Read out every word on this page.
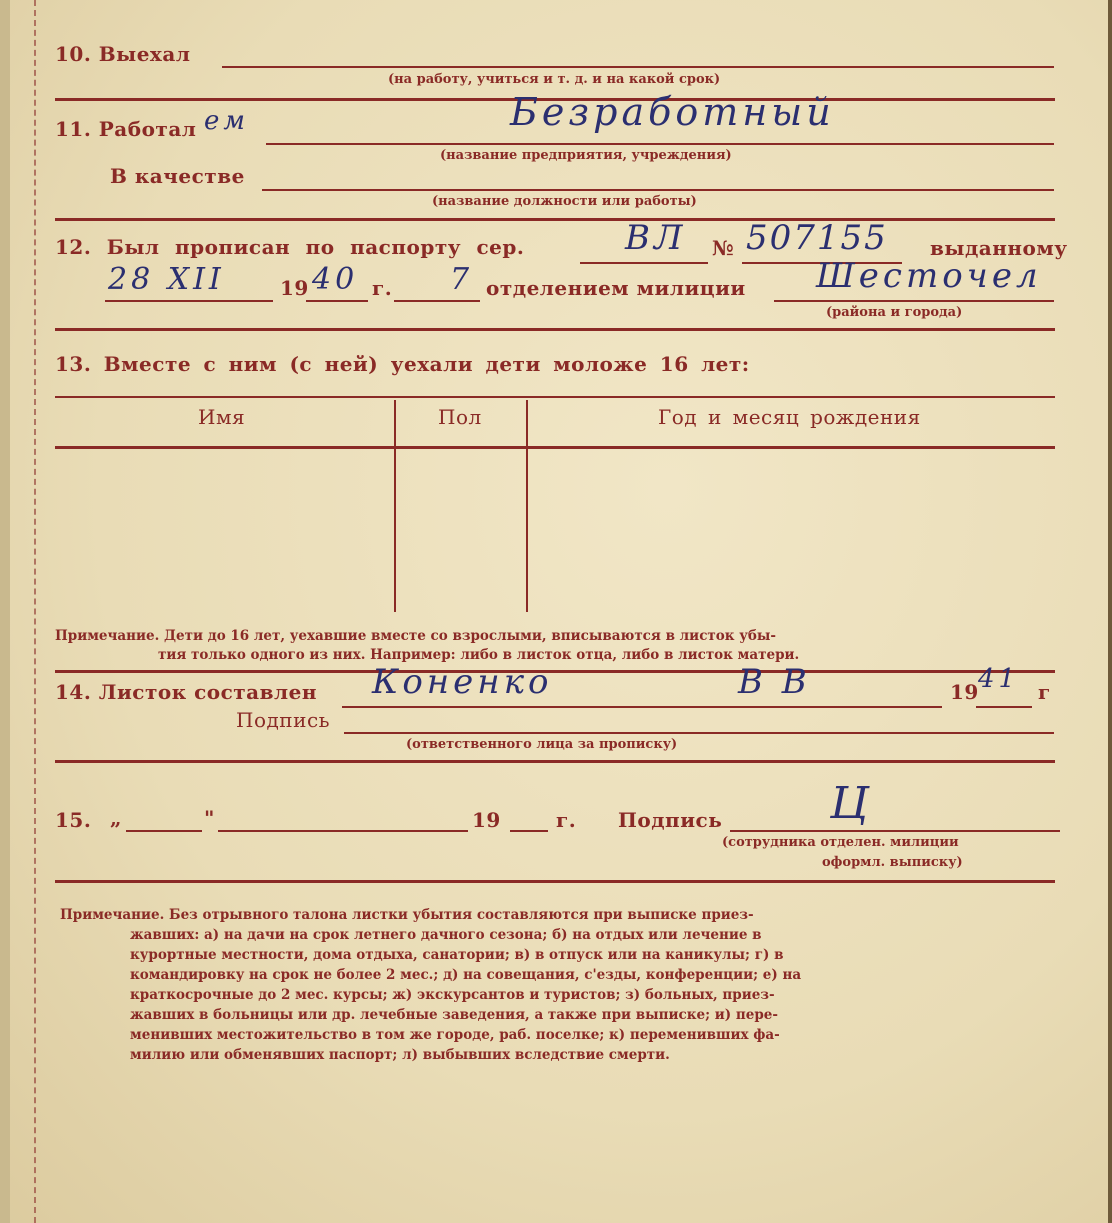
10. Выехал
(на работу, учиться и т. д. и на какой срок)
11. Работал ем	Безработный
(название предприятия, учреждения)
В качестве
(название должности или работы)
12. Был прописан по паспорту сер.	ВЛ № 507155 выданному
28 XII	19 40 г. 7 отделением милиции Шесточел
(района и города)
13. Вместе с ним (с ней) уехали дети моложе 16 лет:
Имя	Пол	Год и месяц рождения
Примечание. Дети до 16 лет, уехавшие вместе со взрослыми, вписываются в листок убы-
тия только одного из них. Например: либо в листок отца, либо в листок матери.
14. Листок составлен Коненко	В В	19 41 г
Подпись
(ответственного лица за прописку)
15. „	"	19	г. Подпись Ц
(сотрудника отделен. милиции
оформл. выписку)
Примечание. Без отрывного талона листки убытия составляются при выписке приез-
жавших: а) на дачи на срок летнего дачного сезона; б) на отдых или лечение в
курортные местности, дома отдыха, санатории; в) в отпуск или на каникулы; г) в
командировку на срок не более 2 мес.; д) на совещания, с'езды, конференции; е) на
краткосрочные до 2 мес. курсы; ж) экскурсантов и туристов; з) больных, приез-
жавших в больницы или др. лечебные заведения, а также при выписке; и) пере-
менивших местожительство в том же городе, раб. поселке; к) переменивших фа-
милию или обменявших паспорт; л) выбывших вследствие смерти.
